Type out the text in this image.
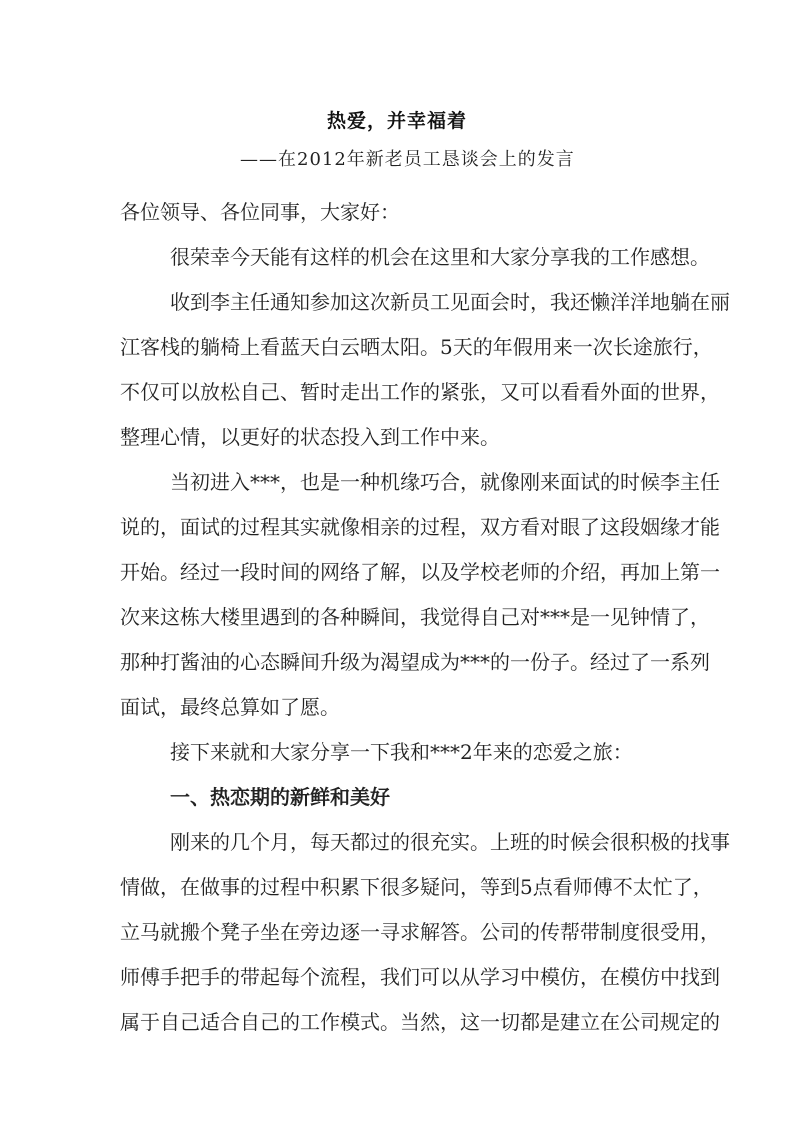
热爱，并幸福着
——在2012年新老员工恳谈会上的发言
各位领导、各位同事，大家好：
很荣幸今天能有这样的机会在这里和大家分享我的工作感想。
收到李主任通知参加这次新员工见面会时，我还懒洋洋地躺在丽
江客栈的躺椅上看蓝天白云晒太阳。5天的年假用来一次长途旅行，
不仅可以放松自己、暂时走出工作的紧张，又可以看看外面的世界，
整理心情，以更好的状态投入到工作中来。
当初进入***，也是一种机缘巧合，就像刚来面试的时候李主任
说的，面试的过程其实就像相亲的过程，双方看对眼了这段姻缘才能
开始。经过一段时间的网络了解，以及学校老师的介绍，再加上第一
次来这栋大楼里遇到的各种瞬间，我觉得自己对***是一见钟情了，
那种打酱油的心态瞬间升级为渴望成为***的一份子。经过了一系列
面试，最终总算如了愿。
接下来就和大家分享一下我和***2年来的恋爱之旅：
一、热恋期的新鲜和美好
刚来的几个月，每天都过的很充实。上班的时候会很积极的找事
情做，在做事的过程中积累下很多疑问，等到5点看师傅不太忙了，
立马就搬个凳子坐在旁边逐一寻求解答。公司的传帮带制度很受用，
师傅手把手的带起每个流程，我们可以从学习中模仿，在模仿中找到
属于自己适合自己的工作模式。当然，这一切都是建立在公司规定的
